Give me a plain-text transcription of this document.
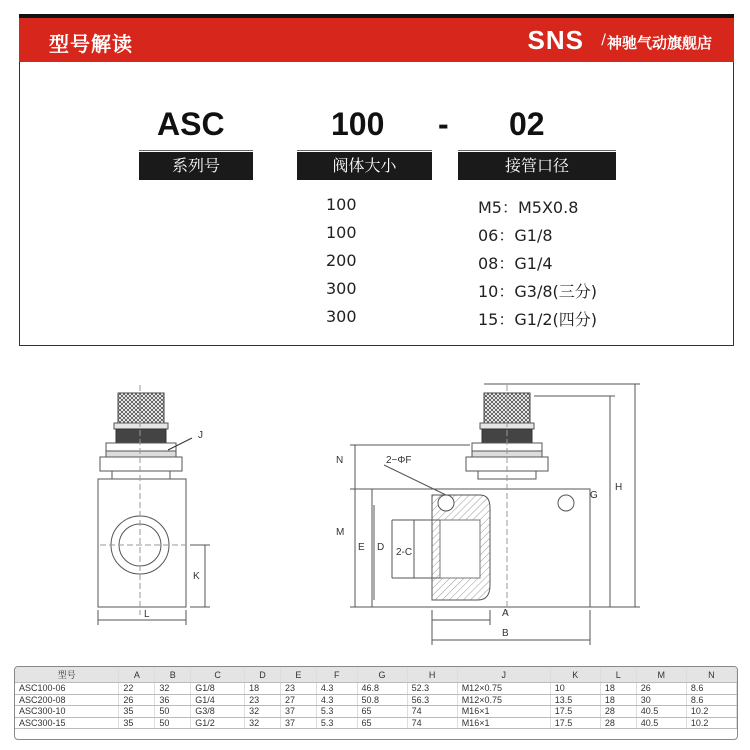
型号解读	SNS / 神驰气动旗舰店
ASC	100 - 02
系列号	阀体大小	接管口径
100
100
200
300
300
M5：M5X0.8
06：G1/8
08：G1/4
10：G3/8(三分)
15：G1/2(四分)
J
K
L
N	2−ΦF
M
E D 2-C
G
H
A
B
型号	A	B	C	D	E	F	G	H	J	K	L	M	N
ASC100-06	22	32	G1/8	18	23	4.3	46.8	52.3	M12×0.75	10	18	26	8.6
ASC200-08	26	36	G1/4	23	27	4.3	50.8	56.3	M12×0.75	13.5	18	30	8.6
ASC300-10	35	50	G3/8	32	37	5.3	65	74	M16×1	17.5	28	40.5	10.2
ASC300-15	35	50	G1/2	32	37	5.3	65	74	M16×1	17.5	28	40.5	10.2
